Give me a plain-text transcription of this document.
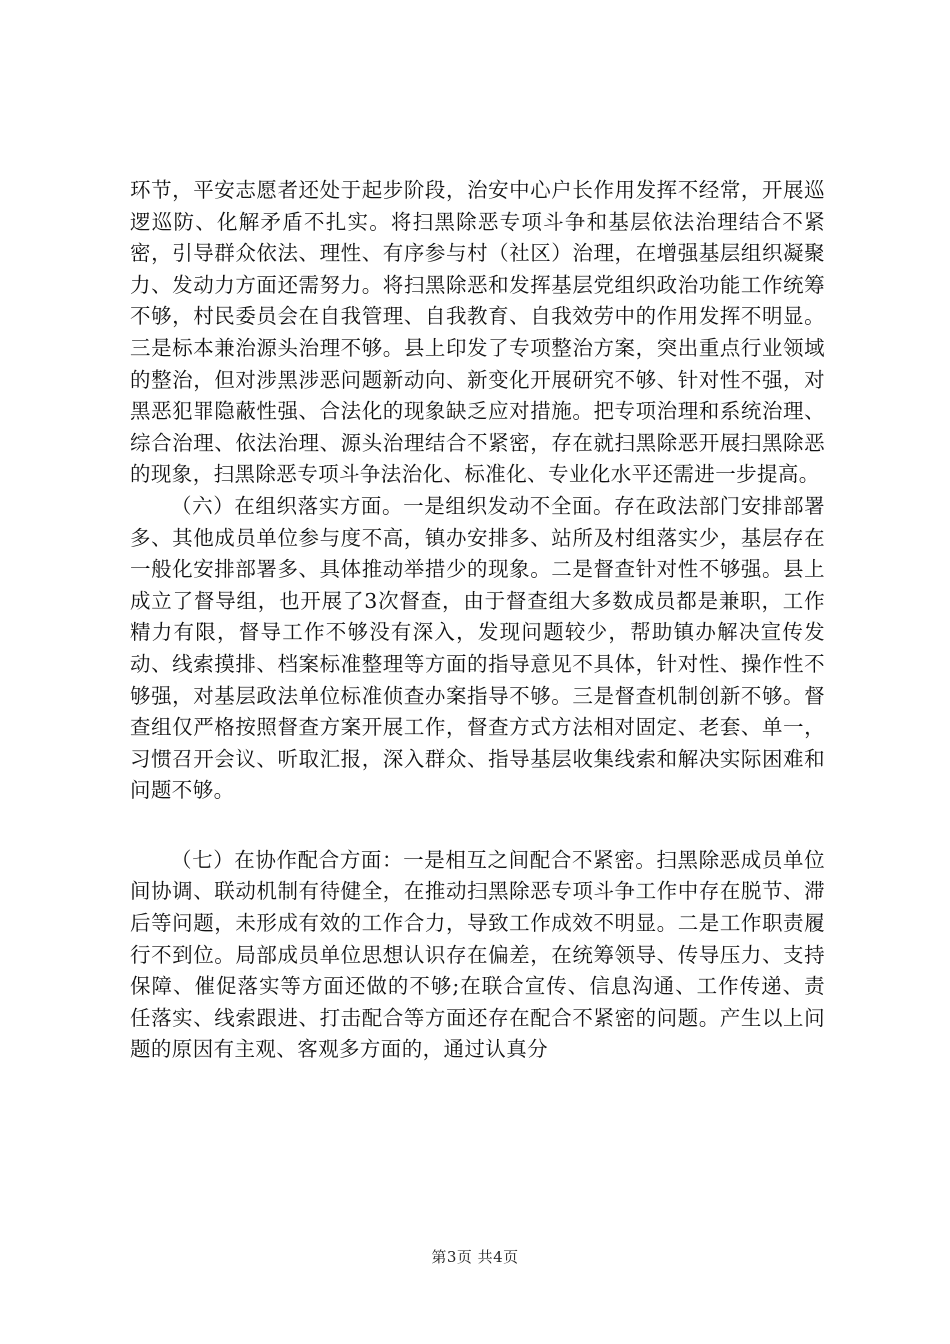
环节，平安志愿者还处于起步阶段，治安中心户长作用发挥不经常，开展巡逻巡防、化解矛盾不扎实。将扫黑除恶专项斗争和基层依法治理结合不紧密，引导群众依法、理性、有序参与村（社区）治理，在增强基层组织凝聚力、发动力方面还需努力。将扫黑除恶和发挥基层党组织政治功能工作统筹不够，村民委员会在自我管理、自我教育、自我效劳中的作用发挥不明显。三是标本兼治源头治理不够。县上印发了专项整治方案，突出重点行业领域的整治，但对涉黑涉恶问题新动向、新变化开展研究不够、针对性不强，对黑恶犯罪隐蔽性强、合法化的现象缺乏应对措施。把专项治理和系统治理、综合治理、依法治理、源头治理结合不紧密，存在就扫黑除恶开展扫黑除恶的现象，扫黑除恶专项斗争法治化、标准化、专业化水平还需进一步提高。

（六）在组织落实方面。一是组织发动不全面。存在政法部门安排部署多、其他成员单位参与度不高，镇办安排多、站所及村组落实少，基层存在一般化安排部署多、具体推动举措少的现象。二是督查针对性不够强。县上成立了督导组，也开展了3次督查，由于督查组大多数成员都是兼职，工作精力有限，督导工作不够没有深入，发现问题较少，帮助镇办解决宣传发动、线索摸排、档案标准整理等方面的指导意见不具体，针对性、操作性不够强，对基层政法单位标准侦查办案指导不够。三是督查机制创新不够。督查组仅严格按照督查方案开展工作，督查方式方法相对固定、老套、单一，习惯召开会议、听取汇报，深入群众、指导基层收集线索和解决实际困难和问题不够。

（七）在协作配合方面：一是相互之间配合不紧密。扫黑除恶成员单位间协调、联动机制有待健全，在推动扫黑除恶专项斗争工作中存在脱节、滞后等问题，未形成有效的工作合力，导致工作成效不明显。二是工作职责履行不到位。局部成员单位思想认识存在偏差，在统筹领导、传导压力、支持保障、催促落实等方面还做的不够;在联合宣传、信息沟通、工作传递、责任落实、线索跟进、打击配合等方面还存在配合不紧密的问题。产生以上问题的原因有主观、客观多方面的，通过认真分

第3页 共4页
